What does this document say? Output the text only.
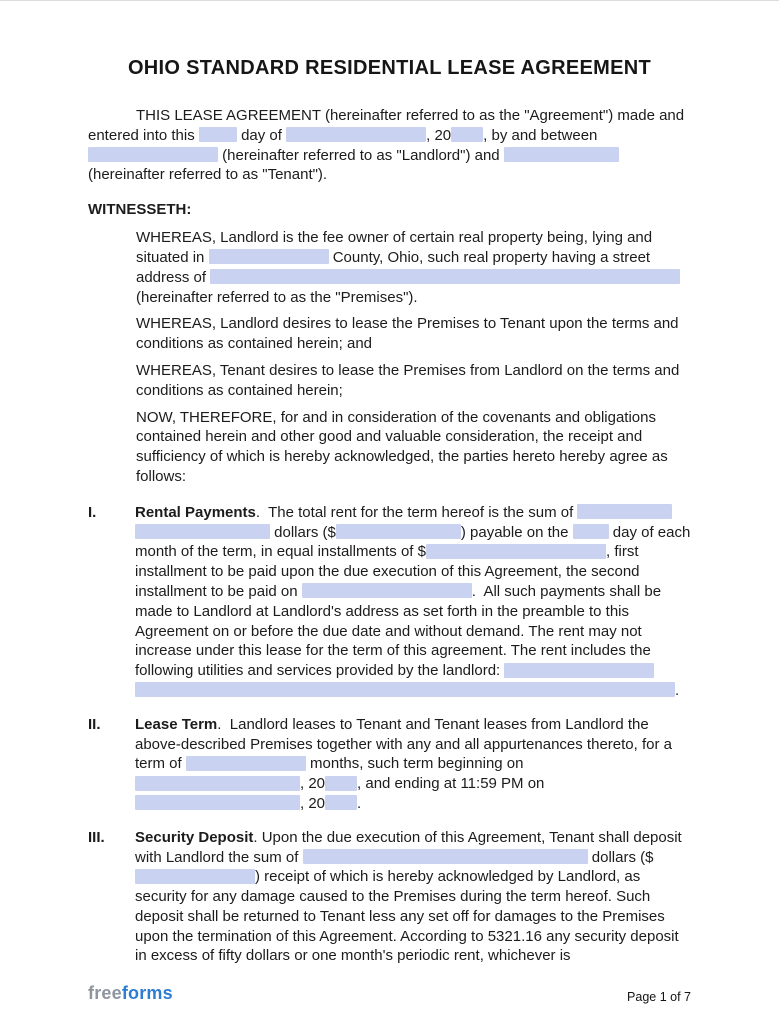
OHIO STANDARD RESIDENTIAL LEASE AGREEMENT

THIS LEASE AGREEMENT (hereinafter referred to as the "Agreement") made and entered into this	day of	, 20 , by and between  (hereinafter referred to as "Landlord") and  (hereinafter referred to as "Tenant").

WITNESSETH:

WHEREAS, Landlord is the fee owner of certain real property being, lying and situated in	County, Ohio, such real property having a street address of  (hereinafter referred to as the "Premises").

WHEREAS, Landlord desires to lease the Premises to Tenant upon the terms and conditions as contained herein; and

WHEREAS, Tenant desires to lease the Premises from Landlord on the terms and conditions as contained herein;

NOW, THEREFORE, for and in consideration of the covenants and obligations contained herein and other good and valuable consideration, the receipt and sufficiency of which is hereby acknowledged, the parties hereto hereby agree as follows:

I.	Rental Payments.  The total rent for the term hereof is the sum of   dollars ($	) payable on the  day of each month of the term, in equal installments of $	, first installment to be paid upon the due execution of this Agreement, the second installment to be paid on	.  All such payments shall be made to Landlord at Landlord's address as set forth in the preamble to this Agreement on or before the due date and without demand. The rent may not increase under this lease for the term of this agreement. The rent includes the following utilities and services provided by the landlord:  .
II.	Lease Term.  Landlord leases to Tenant and Tenant leases from Landlord the above-described Premises together with any and all appurtenances thereto, for a term of	months, such term beginning on , 20 , and ending at 11:59 PM on , 20 .
III.	Security Deposit. Upon the due execution of this Agreement, Tenant shall deposit with Landlord the sum of	dollars ($) receipt of which is hereby acknowledged by Landlord, as security for any damage caused to the Premises during the term hereof. Such deposit shall be returned to Tenant less any set off for damages to the Premises upon the termination of this Agreement. According to 5321.16 any security deposit in excess of fifty dollars or one month's periodic rent, whichever is
freeforms	Page 1 of 7
